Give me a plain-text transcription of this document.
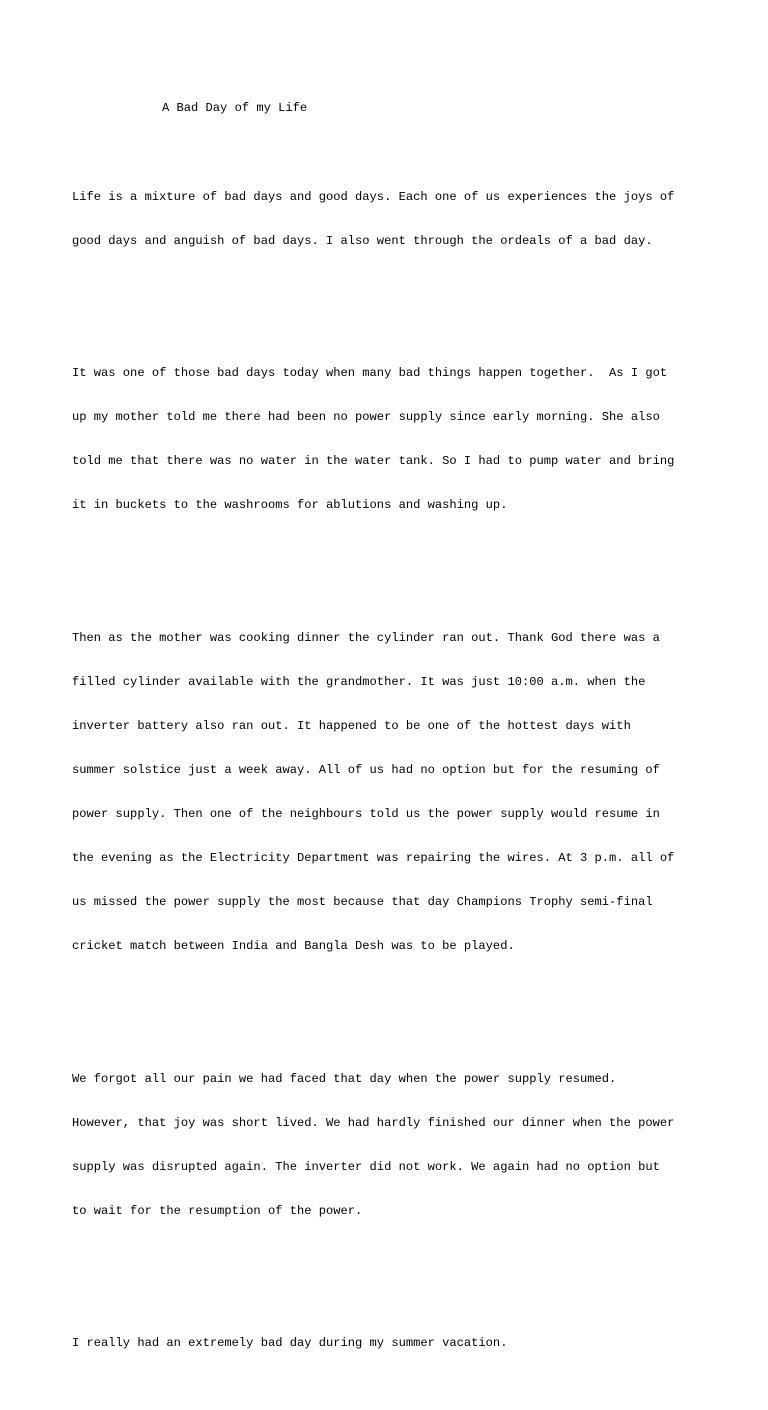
A Bad Day of my Life

Life is a mixture of bad days and good days. Each one of us experiences the joys of

good days and anguish of bad days. I also went through the ordeals of a bad day.

It was one of those bad days today when many bad things happen together.  As I got

up my mother told me there had been no power supply since early morning. She also

told me that there was no water in the water tank. So I had to pump water and bring

it in buckets to the washrooms for ablutions and washing up.

Then as the mother was cooking dinner the cylinder ran out. Thank God there was a

filled cylinder available with the grandmother. It was just 10:00 a.m. when the

inverter battery also ran out. It happened to be one of the hottest days with

summer solstice just a week away. All of us had no option but for the resuming of

power supply. Then one of the neighbours told us the power supply would resume in

the evening as the Electricity Department was repairing the wires. At 3 p.m. all of

us missed the power supply the most because that day Champions Trophy semi-final

cricket match between India and Bangla Desh was to be played.

We forgot all our pain we had faced that day when the power supply resumed.

However, that joy was short lived. We had hardly finished our dinner when the power

supply was disrupted again. The inverter did not work. We again had no option but

to wait for the resumption of the power.

I really had an extremely bad day during my summer vacation.
